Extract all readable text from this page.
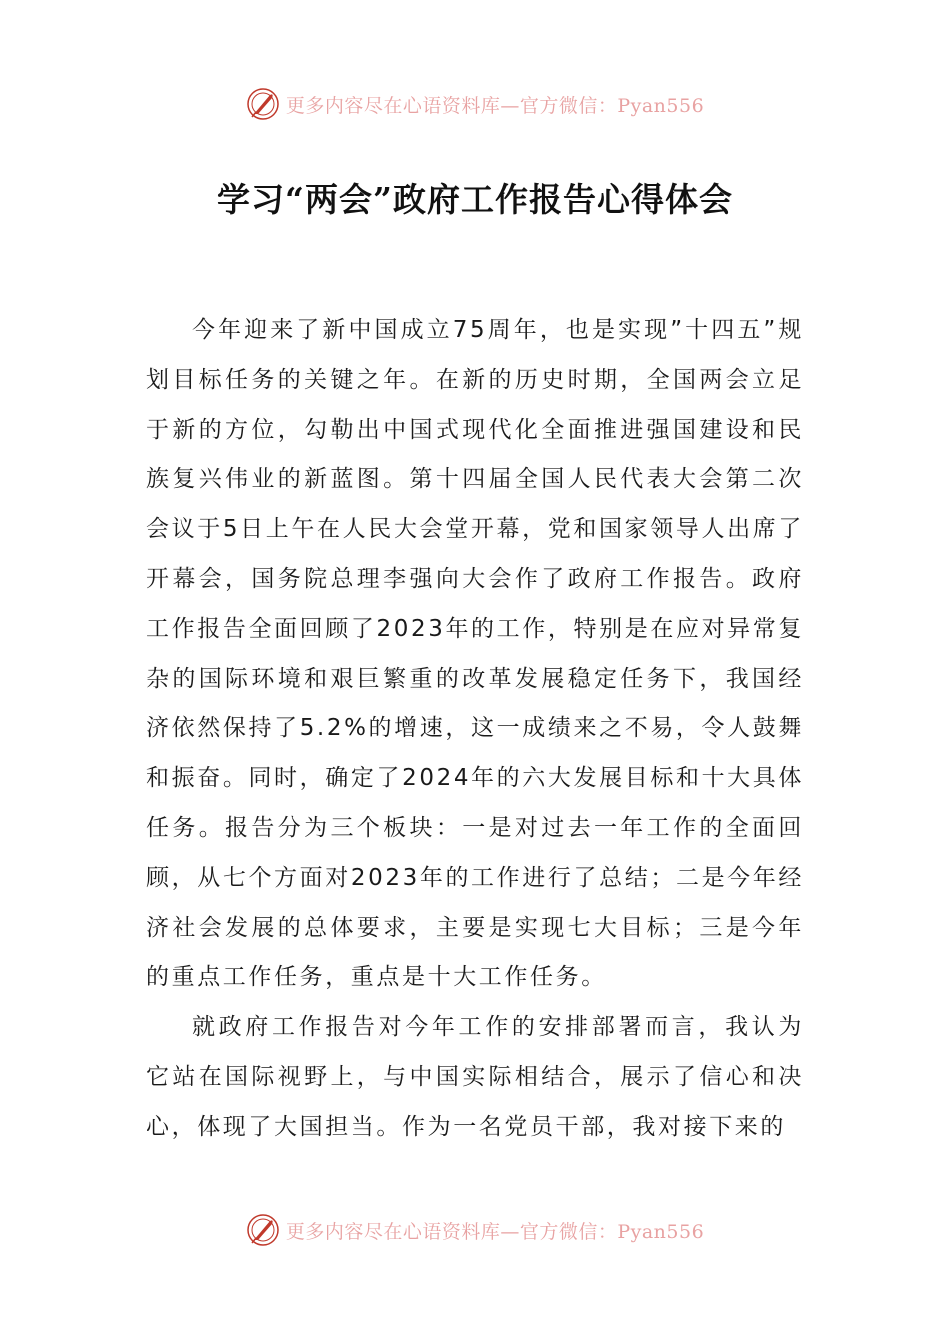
更多内容尽在心语资料库—官方微信：Pyan556
学习“两会”政府工作报告心得体会

今年迎来了新中国成立75周年，也是实现”十四五”规划目标任务的关键之年。在新的历史时期，全国两会立足于新的方位，勾勒出中国式现代化全面推进强国建设和民族复兴伟业的新蓝图。第十四届全国人民代表大会第二次会议于5日上午在人民大会堂开幕，党和国家领导人出席了开幕会，国务院总理李强向大会作了政府工作报告。政府工作报告全面回顾了2023年的工作，特别是在应对异常复杂的国际环境和艰巨繁重的改革发展稳定任务下，我国经济依然保持了5.2%的增速，这一成绩来之不易，令人鼓舞和振奋。同时，确定了2024年的六大发展目标和十大具体任务。报告分为三个板块：一是对过去一年工作的全面回顾，从七个方面对2023年的工作进行了总结；二是今年经济社会发展的总体要求，主要是实现七大目标；三是今年的重点工作任务，重点是十大工作任务。

就政府工作报告对今年工作的安排部署而言，我认为它站在国际视野上，与中国实际相结合，展示了信心和决心，体现了大国担当。作为一名党员干部，我对接下来的

更多内容尽在心语资料库—官方微信：Pyan556
